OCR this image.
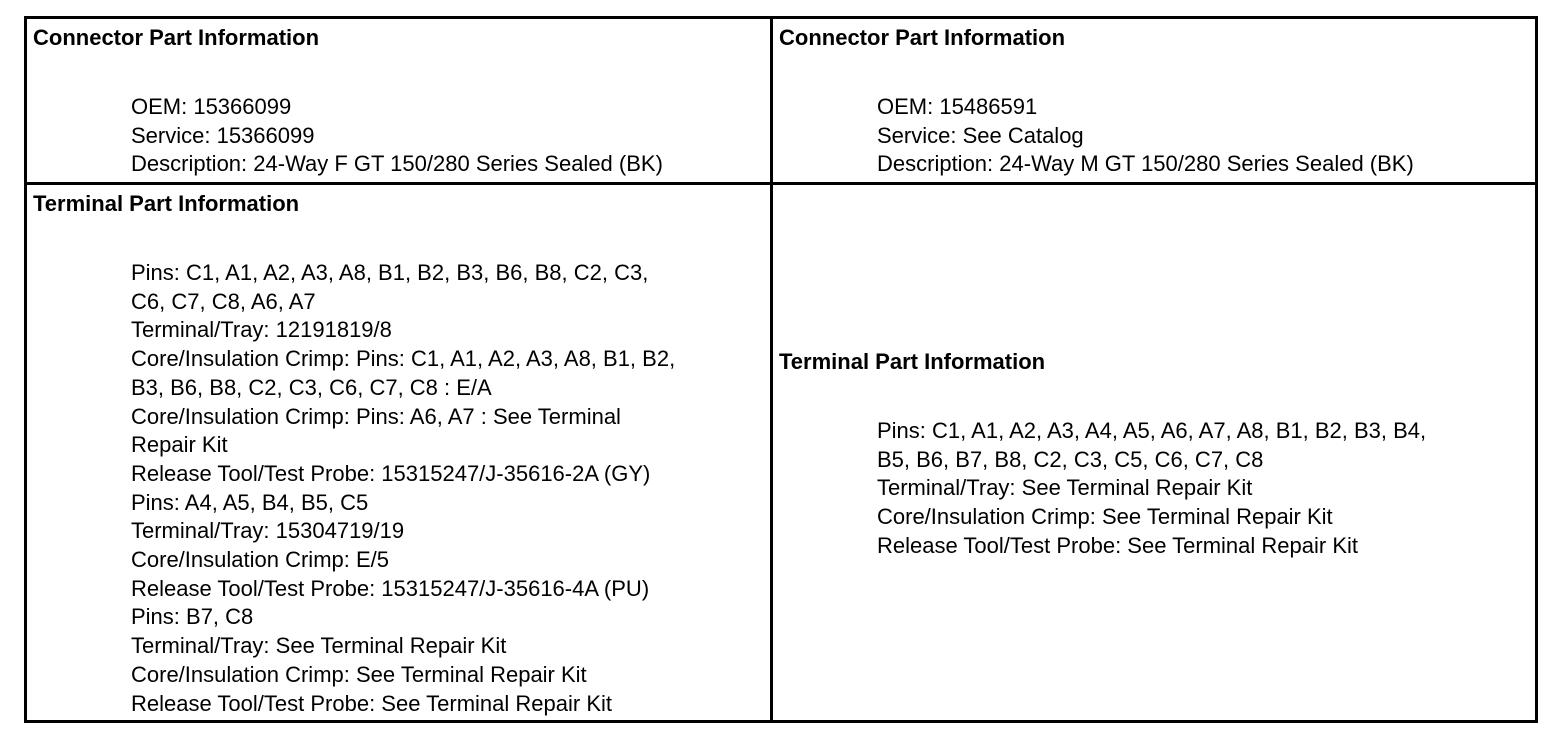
Connector Part Information
OEM: 15366099
Service: 15366099
Description: 24-Way F GT 150/280 Series Sealed (BK)
Connector Part Information
OEM: 15486591
Service: See Catalog
Description: 24-Way M GT 150/280 Series Sealed (BK)
Terminal Part Information
Pins: C1, A1, A2, A3, A8, B1, B2, B3, B6, B8, C2, C3,
C6, C7, C8, A6, A7
Terminal/Tray: 12191819/8
Core/Insulation Crimp: Pins: C1, A1, A2, A3, A8, B1, B2,
B3, B6, B8, C2, C3, C6, C7, C8 : E/A
Core/Insulation Crimp: Pins: A6, A7 : See Terminal
Repair Kit
Release Tool/Test Probe: 15315247/J-35616-2A (GY)
Pins: A4, A5, B4, B5, C5
Terminal/Tray: 15304719/19
Core/Insulation Crimp: E/5
Release Tool/Test Probe: 15315247/J-35616-4A (PU)
Pins: B7, C8
Terminal/Tray: See Terminal Repair Kit
Core/Insulation Crimp: See Terminal Repair Kit
Release Tool/Test Probe: See Terminal Repair Kit
Terminal Part Information
Pins: C1, A1, A2, A3, A4, A5, A6, A7, A8, B1, B2, B3, B4,
B5, B6, B7, B8, C2, C3, C5, C6, C7, C8
Terminal/Tray: See Terminal Repair Kit
Core/Insulation Crimp: See Terminal Repair Kit
Release Tool/Test Probe: See Terminal Repair Kit
